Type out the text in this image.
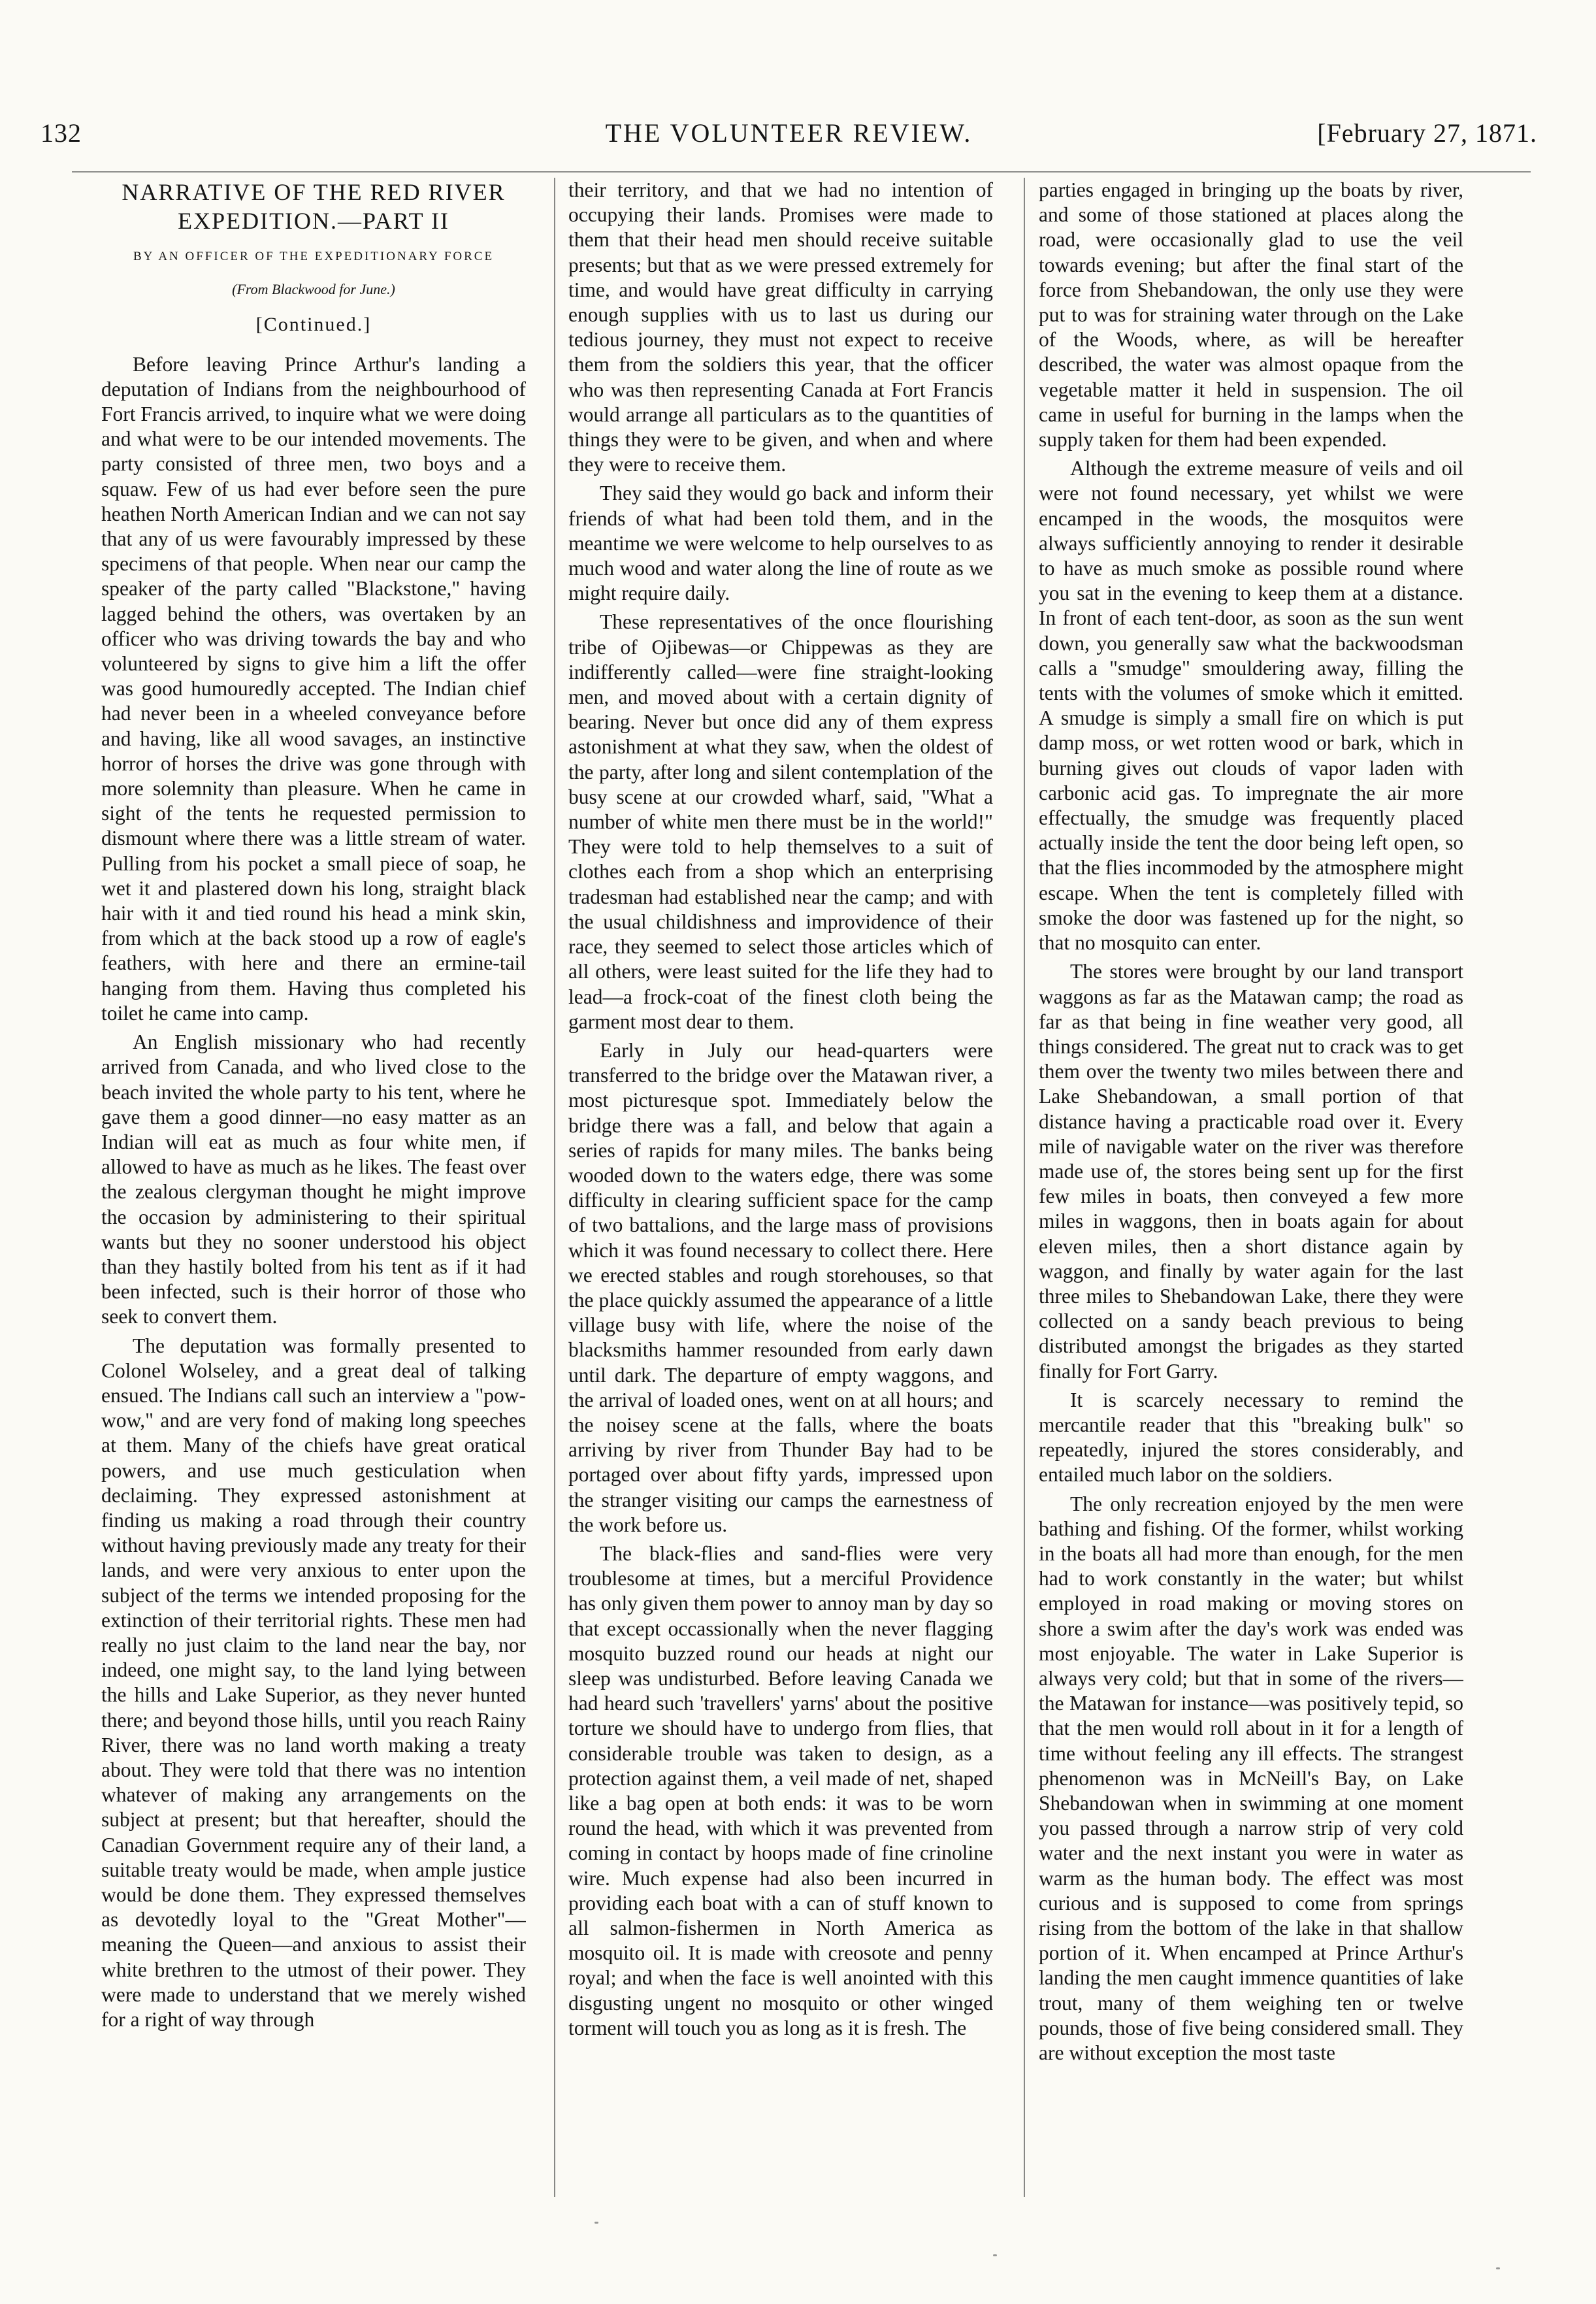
132	THE VOLUNTEER REVIEW.	[February 27, 1871.
NARRATIVE OF THE RED RIVER EXPEDITION.—PART II
BY AN OFFICER OF THE EXPEDITIONARY FORCE
(From Blackwood for June.)
[Continued.]

Before leaving Prince Arthur's landing a deputation of Indians from the neighbourhood of Fort Francis arrived, to inquire what we were doing and what were to be our intended movements. The party consisted of three men, two boys and a squaw. Few of us had ever before seen the pure heathen North American Indian and we can not say that any of us were favourably impressed by these specimens of that people. When near our camp the speaker of the party called "Blackstone," having lagged behind the others, was overtaken by an officer who was driving towards the bay and who volunteered by signs to give him a lift the offer was good humouredly accepted. The Indian chief had never been in a wheeled conveyance before and having, like all wood savages, an instinctive horror of horses the drive was gone through with more solemnity than pleasure. When he came in sight of the tents he requested permission to dismount where there was a little stream of water. Pulling from his pocket a small piece of soap, he wet it and plastered down his long, straight black hair with it and tied round his head a mink skin, from which at the back stood up a row of eagle's feathers, with here and there an ermine-tail hanging from them. Having thus completed his toilet he came into camp.

An English missionary who had recently arrived from Canada, and who lived close to the beach invited the whole party to his tent, where he gave them a good dinner—no easy matter as an Indian will eat as much as four white men, if allowed to have as much as he likes. The feast over the zealous clergyman thought he might improve the occasion by administering to their spiritual wants but they no sooner understood his object than they hastily bolted from his tent as if it had been infected, such is their horror of those who seek to convert them.

The deputation was formally presented to Colonel Wolseley, and a great deal of talking ensued. The Indians call such an interview a "pow-wow," and are very fond of making long speeches at them. Many of the chiefs have great oratical powers, and use much gesticulation when declaiming. They expressed astonishment at finding us making a road through their country without having previously made any treaty for their lands, and were very anxious to enter upon the subject of the terms we intended proposing for the extinction of their territorial rights. These men had really no just claim to the land near the bay, nor indeed, one might say, to the land lying between the hills and Lake Superior, as they never hunted there; and beyond those hills, until you reach Rainy River, there was no land worth making a treaty about. They were told that there was no intention whatever of making any arrangements on the subject at present; but that hereafter, should the Canadian Government require any of their land, a suitable treaty would be made, when ample justice would be done them. They expressed themselves as devotedly loyal to the "Great Mother"—meaning the Queen—and anxious to assist their white brethren to the utmost of their power. They were made to understand that we merely wished for a right of way through

their territory, and that we had no intention of occupying their lands. Promises were made to them that their head men should receive suitable presents; but that as we were pressed extremely for time, and would have great difficulty in carrying enough supplies with us to last us during our tedious journey, they must not expect to receive them from the soldiers this year, that the officer who was then representing Canada at Fort Francis would arrange all particulars as to the quantities of things they were to be given, and when and where they were to receive them.

They said they would go back and inform their friends of what had been told them, and in the meantime we were welcome to help ourselves to as much wood and water along the line of route as we might require daily.

These representatives of the once flourishing tribe of Ojibewas—or Chippewas as they are indifferently called—were fine straight-looking men, and moved about with a certain dignity of bearing. Never but once did any of them express astonishment at what they saw, when the oldest of the party, after long and silent contemplation of the busy scene at our crowded wharf, said, "What a number of white men there must be in the world!" They were told to help themselves to a suit of clothes each from a shop which an enterprising tradesman had established near the camp; and with the usual childishness and improvidence of their race, they seemed to select those articles which of all others, were least suited for the life they had to lead—a frock-coat of the finest cloth being the garment most dear to them.

Early in July our head-quarters were transferred to the bridge over the Matawan river, a most picturesque spot. Immediately below the bridge there was a fall, and below that again a series of rapids for many miles. The banks being wooded down to the waters edge, there was some difficulty in clearing sufficient space for the camp of two battalions, and the large mass of provisions which it was found necessary to collect there. Here we erected stables and rough storehouses, so that the place quickly assumed the appearance of a little village busy with life, where the noise of the blacksmiths hammer resounded from early dawn until dark. The departure of empty waggons, and the arrival of loaded ones, went on at all hours; and the noisey scene at the falls, where the boats arriving by river from Thunder Bay had to be portaged over about fifty yards, impressed upon the stranger visiting our camps the earnestness of the work before us.

The black-flies and sand-flies were very troublesome at times, but a merciful Providence has only given them power to annoy man by day so that except occassionally when the never flagging mosquito buzzed round our heads at night our sleep was undisturbed. Before leaving Canada we had heard such 'travellers' yarns' about the positive torture we should have to undergo from flies, that considerable trouble was taken to design, as a protection against them, a veil made of net, shaped like a bag open at both ends: it was to be worn round the head, with which it was prevented from coming in contact by hoops made of fine crinoline wire. Much expense had also been incurred in providing each boat with a can of stuff known to all salmon-fishermen in North America as mosquito oil. It is made with creosote and penny royal; and when the face is well anointed with this disgusting ungent no mosquito or other winged torment will touch you as long as it is fresh. The

parties engaged in bringing up the boats by river, and some of those stationed at places along the road, were occasionally glad to use the veil towards evening; but after the final start of the force from Shebandowan, the only use they were put to was for straining water through on the Lake of the Woods, where, as will be hereafter described, the water was almost opaque from the vegetable matter it held in suspension. The oil came in useful for burning in the lamps when the supply taken for them had been expended.

Although the extreme measure of veils and oil were not found necessary, yet whilst we were encamped in the woods, the mosquitos were always sufficiently annoying to render it desirable to have as much smoke as possible round where you sat in the evening to keep them at a distance. In front of each tent-door, as soon as the sun went down, you generally saw what the backwoodsman calls a "smudge" smouldering away, filling the tents with the volumes of smoke which it emitted. A smudge is simply a small fire on which is put damp moss, or wet rotten wood or bark, which in burning gives out clouds of vapor laden with carbonic acid gas. To impregnate the air more effectually, the smudge was frequently placed actually inside the tent the door being left open, so that the flies incommoded by the atmosphere might escape. When the tent is completely filled with smoke the door was fastened up for the night, so that no mosquito can enter.

The stores were brought by our land transport waggons as far as the Matawan camp; the road as far as that being in fine weather very good, all things considered. The great nut to crack was to get them over the twenty two miles between there and Lake Shebandowan, a small portion of that distance having a practicable road over it. Every mile of navigable water on the river was therefore made use of, the stores being sent up for the first few miles in boats, then conveyed a few more miles in waggons, then in boats again for about eleven miles, then a short distance again by waggon, and finally by water again for the last three miles to Shebandowan Lake, there they were collected on a sandy beach previous to being distributed amongst the brigades as they started finally for Fort Garry.

It is scarcely necessary to remind the mercantile reader that this "breaking bulk" so repeatedly, injured the stores considerably, and entailed much labor on the soldiers.

The only recreation enjoyed by the men were bathing and fishing. Of the former, whilst working in the boats all had more than enough, for the men had to work constantly in the water; but whilst employed in road making or moving stores on shore a swim after the day's work was ended was most enjoyable. The water in Lake Superior is always very cold; but that in some of the rivers—the Matawan for instance—was positively tepid, so that the men would roll about in it for a length of time without feeling any ill effects. The strangest phenomenon was in McNeill's Bay, on Lake Shebandowan when in swimming at one moment you passed through a narrow strip of very cold water and the next instant you were in water as warm as the human body. The effect was most curious and is supposed to come from springs rising from the bottom of the lake in that shallow portion of it. When encamped at Prince Arthur's landing the men caught immence quantities of lake trout, many of them weighing ten or twelve pounds, those of five being considered small. They are without exception the most taste
